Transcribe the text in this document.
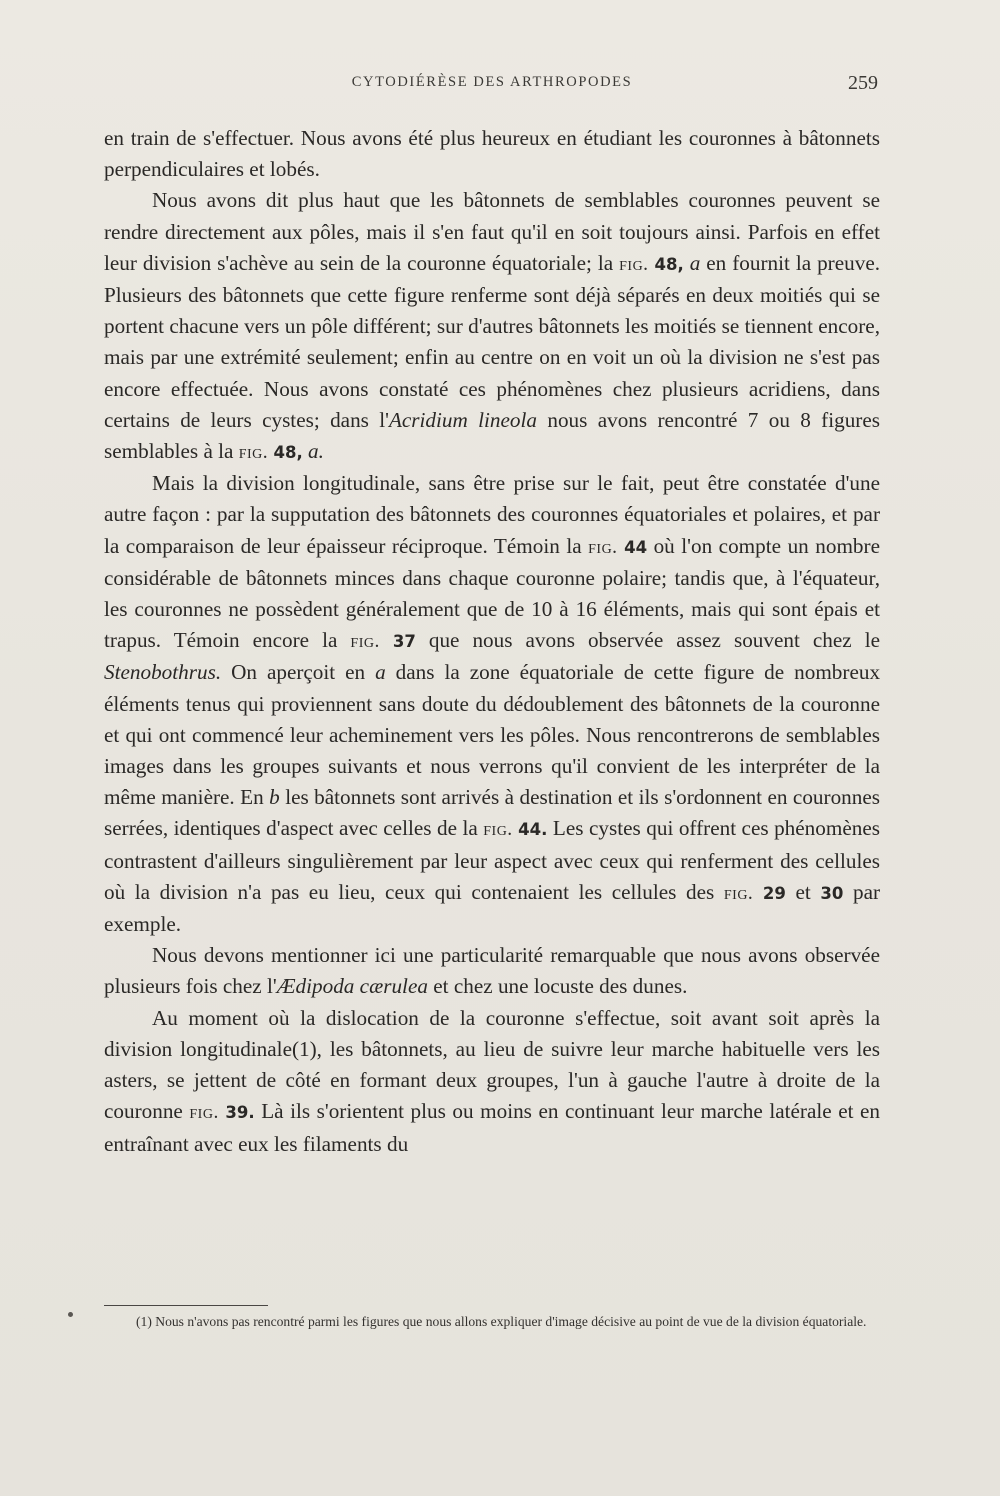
CYTODIÉRÈSE DES ARTHROPODES	259

en train de s'effectuer. Nous avons été plus heureux en étudiant les couronnes à bâtonnets perpendiculaires et lobés.

Nous avons dit plus haut que les bâtonnets de semblables couronnes peuvent se rendre directement aux pôles, mais il s'en faut qu'il en soit toujours ainsi. Parfois en effet leur division s'achève au sein de la couronne équatoriale; la fig. 48, a en fournit la preuve. Plusieurs des bâtonnets que cette figure renferme sont déjà séparés en deux moitiés qui se portent chacune vers un pôle différent; sur d'autres bâtonnets les moitiés se tiennent encore, mais par une extrémité seulement; enfin au centre on en voit un où la division ne s'est pas encore effectuée. Nous avons constaté ces phénomènes chez plusieurs acridiens, dans certains de leurs cystes; dans l'Acridium lineola nous avons rencontré 7 ou 8 figures semblables à la fig. 48, a.

Mais la division longitudinale, sans être prise sur le fait, peut être constatée d'une autre façon : par la supputation des bâtonnets des couronnes équatoriales et polaires, et par la comparaison de leur épaisseur réciproque. Témoin la fig. 44 où l'on compte un nombre considérable de bâtonnets minces dans chaque couronne polaire; tandis que, à l'équateur, les couronnes ne possèdent généralement que de 10 à 16 éléments, mais qui sont épais et trapus. Témoin encore la fig. 37 que nous avons observée assez souvent chez le Stenobothrus. On aperçoit en a dans la zone équatoriale de cette figure de nombreux éléments tenus qui proviennent sans doute du dédoublement des bâtonnets de la couronne et qui ont commencé leur acheminement vers les pôles. Nous rencontrerons de semblables images dans les groupes suivants et nous verrons qu'il convient de les interpréter de la même manière. En b les bâtonnets sont arrivés à destination et ils s'ordonnent en couronnes serrées, identiques d'aspect avec celles de la fig. 44. Les cystes qui offrent ces phénomènes contrastent d'ailleurs singulièrement par leur aspect avec ceux qui renferment des cellules où la division n'a pas eu lieu, ceux qui contenaient les cellules des fig. 29 et 30 par exemple.

Nous devons mentionner ici une particularité remarquable que nous avons observée plusieurs fois chez l'Ædipoda cærulea et chez une locuste des dunes.

Au moment où la dislocation de la couronne s'effectue, soit avant soit après la division longitudinale(1), les bâtonnets, au lieu de suivre leur marche habituelle vers les asters, se jettent de côté en formant deux groupes, l'un à gauche l'autre à droite de la couronne fig. 39. Là ils s'orientent plus ou moins en continuant leur marche latérale et en entraînant avec eux les filaments du

(1) Nous n'avons pas rencontré parmi les figures que nous allons expliquer d'image décisive au point de vue de la division équatoriale.
